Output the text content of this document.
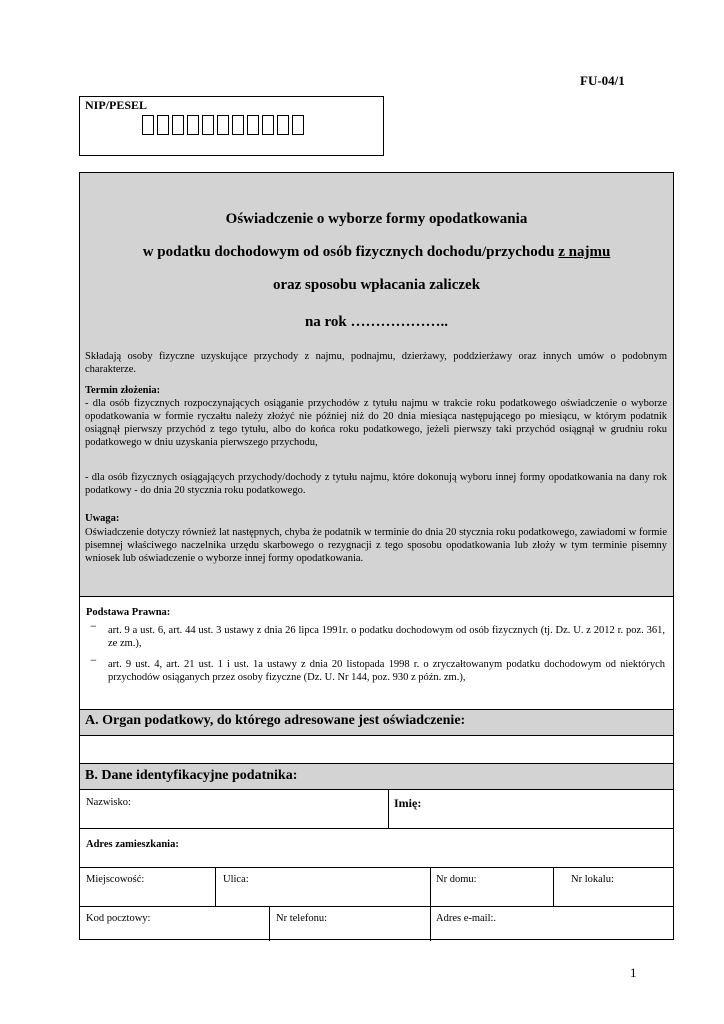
FU-04/1
NIP/PESEL
Oświadczenie o wyborze formy opodatkowania
w podatku dochodowym od osób fizycznych dochodu/przychodu z najmu
oraz sposobu wpłacania zaliczek
na rok ………………..
Składają osoby fizyczne uzyskujące przychody z najmu, podnajmu, dzierżawy, poddzierżawy oraz innych umów o podobnym charakterze.
Termin złożenia:
- dla osób fizycznych rozpoczynających osiąganie przychodów z tytułu najmu w trakcie roku podatkowego oświadczenie o wyborze opodatkowania w formie ryczałtu należy złożyć nie później niż do 20 dnia miesiąca następującego po miesiącu, w którym podatnik osiągnął pierwszy przychód z tego tytułu, albo do końca roku podatkowego, jeżeli pierwszy taki przychód osiągnął w grudniu roku podatkowego w dniu uzyskania pierwszego przychodu,
- dla osób fizycznych osiągających przychody/dochody z tytułu najmu, które dokonują wyboru innej formy opodatkowania na dany rok podatkowy - do dnia 20 stycznia roku podatkowego.
Uwaga:
Oświadczenie dotyczy również lat następnych, chyba że podatnik w terminie do dnia 20 stycznia roku podatkowego, zawiadomi w formie pisemnej właściwego naczelnika urzędu skarbowego o rezygnacji z tego sposobu opodatkowania lub złoży w tym terminie pisemny wniosek lub oświadczenie o wyborze innej formy opodatkowania.
Podstawa Prawna:
− art. 9 a ust. 6, art. 44 ust. 3 ustawy z dnia 26 lipca 1991r. o podatku dochodowym od osób fizycznych (tj. Dz. U. z 2012 r. poz. 361, ze zm.),
− art. 9 ust. 4, art. 21 ust. 1 i ust. 1a ustawy z dnia 20 listopada 1998 r. o zryczałtowanym podatku dochodowym od niektórych przychodów osiąganych przez osoby fizyczne (Dz. U. Nr 144, poz. 930 z późn. zm.),
A. Organ podatkowy, do którego adresowane jest oświadczenie:
B. Dane identyfikacyjne podatnika:
Nazwisko:	Imię:
Adres zamieszkania:
Miejscowość:	Ulica:	Nr domu:	Nr lokalu:
Kod pocztowy:	Nr telefonu:	Adres e-mail:.
1
